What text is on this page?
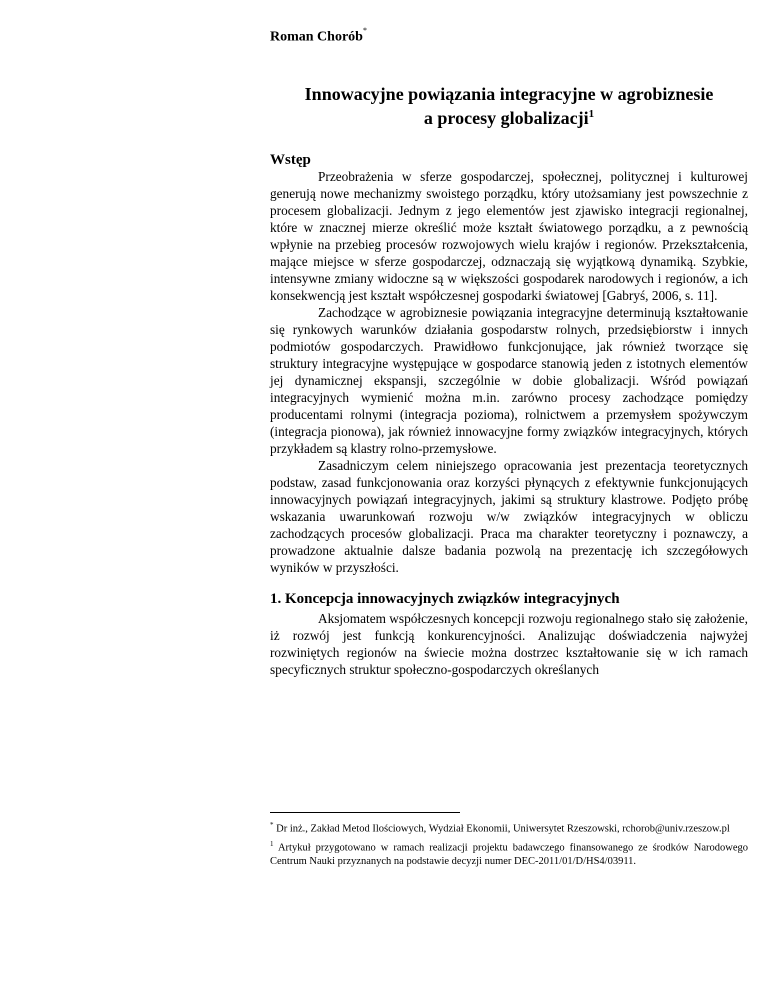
Roman Chorób*
Innowacyjne powiązania integracyjne w agrobiznesie
a procesy globalizacji$^1$
Wstęp

Przeobrażenia w sferze gospodarczej, społecznej, politycznej i kulturowej generują nowe mechanizmy swoistego porządku, który utożsamiany jest powszechnie z procesem globalizacji. Jednym z jego elementów jest zjawisko integracji regionalnej, które w znacznej mierze określić może kształt światowego porządku, a z pewnością wpłynie na przebieg procesów rozwojowych wielu krajów i regionów. Przekształcenia, mające miejsce w sferze gospodarczej, odznaczają się wyjątkową dynamiką. Szybkie, intensywne zmiany widoczne są w większości gospodarek narodowych i regionów, a ich konsekwencją jest kształt współczesnej gospodarki światowej [Gabryś, 2006, s. 11].

Zachodzące w agrobiznesie powiązania integracyjne determinują kształtowanie się rynkowych warunków działania gospodarstw rolnych, przedsiębiorstw i innych podmiotów gospodarczych. Prawidłowo funkcjonujące, jak również tworzące się struktury integracyjne występujące w gospodarce stanowią jeden z istotnych elementów jej dynamicznej ekspansji, szczególnie w dobie globalizacji. Wśród powiązań integracyjnych wymienić można m.in. zarówno procesy zachodzące pomiędzy producentami rolnymi (integracja pozioma), rolnictwem a przemysłem spożywczym (integracja pionowa), jak również innowacyjne formy związków integracyjnych, których przykładem są klastry rolno-przemysłowe.

Zasadniczym celem niniejszego opracowania jest prezentacja teoretycznych podstaw, zasad funkcjonowania oraz korzyści płynących z efektywnie funkcjonujących innowacyjnych powiązań integracyjnych, jakimi są struktury klastrowe. Podjęto próbę wskazania uwarunkowań rozwoju w/w związków integracyjnych w obliczu zachodzących procesów globalizacji. Praca ma charakter teoretyczny i poznawczy, a prowadzone aktualnie dalsze badania pozwolą na prezentację ich szczegółowych wyników w przyszłości.

1. Koncepcja innowacyjnych związków integracyjnych

Aksjomatem współczesnych koncepcji rozwoju regionalnego stało się założenie, iż rozwój jest funkcją konkurencyjności. Analizując doświadczenia najwyżej rozwiniętych regionów na świecie można dostrzec kształtowanie się w ich ramach specyficznych struktur społeczno-gospodarczych określanych

* Dr inż., Zakład Metod Ilościowych, Wydział Ekonomii, Uniwersytet Rzeszowski, rchorob@univ.rzeszow.pl

$^1$ Artykuł przygotowano w ramach realizacji projektu badawczego finansowanego ze środków Narodowego Centrum Nauki przyznanych na podstawie decyzji numer DEC-2011/01/D/HS4/03911.
